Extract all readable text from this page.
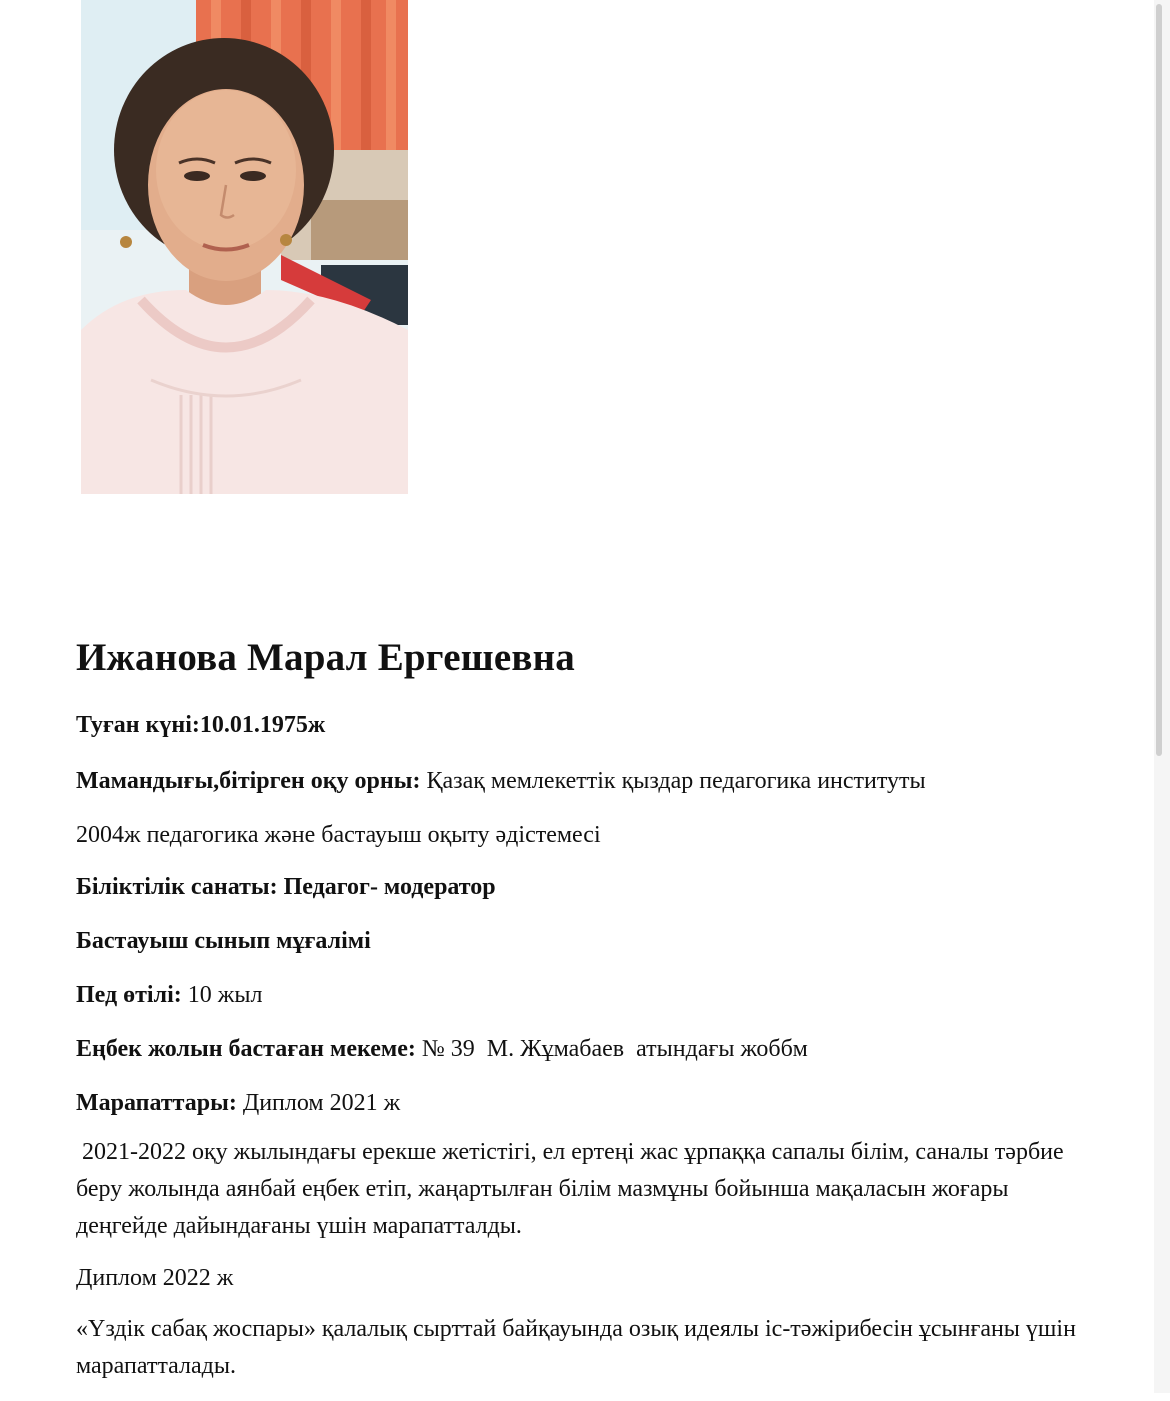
Ижанова Марал Ергешевна

Туған күні:10.01.1975ж

Мамандығы,бітірген оқу орны: Қазақ мемлекеттік қыздар педагогика институты

2004ж педагогика және бастауыш оқыту әдістемесі

Біліктілік санаты: Педагог- модератор

Бастауыш сынып мұғалімі

Пед өтілі: 10 жыл

Еңбек жолын бастаған мекеме: № 39  М. Жұмабаев  атындағы жоббм

Марапаттары: Диплом 2021 ж

2021-2022 оқу жылындағы ерекше жетістігі, ел ертеңі жас ұрпаққа сапалы білім, саналы тәрбие беру жолында аянбай еңбек етіп, жаңартылған білім мазмұны бойынша мақаласын жоғары деңгейде дайындағаны үшін марапатталды.

Диплом 2022 ж

«Үздік сабақ жоспары» қалалық сырттай байқауында озық идеялы іс-тәжірибесін ұсынғаны үшін марапатталады.
